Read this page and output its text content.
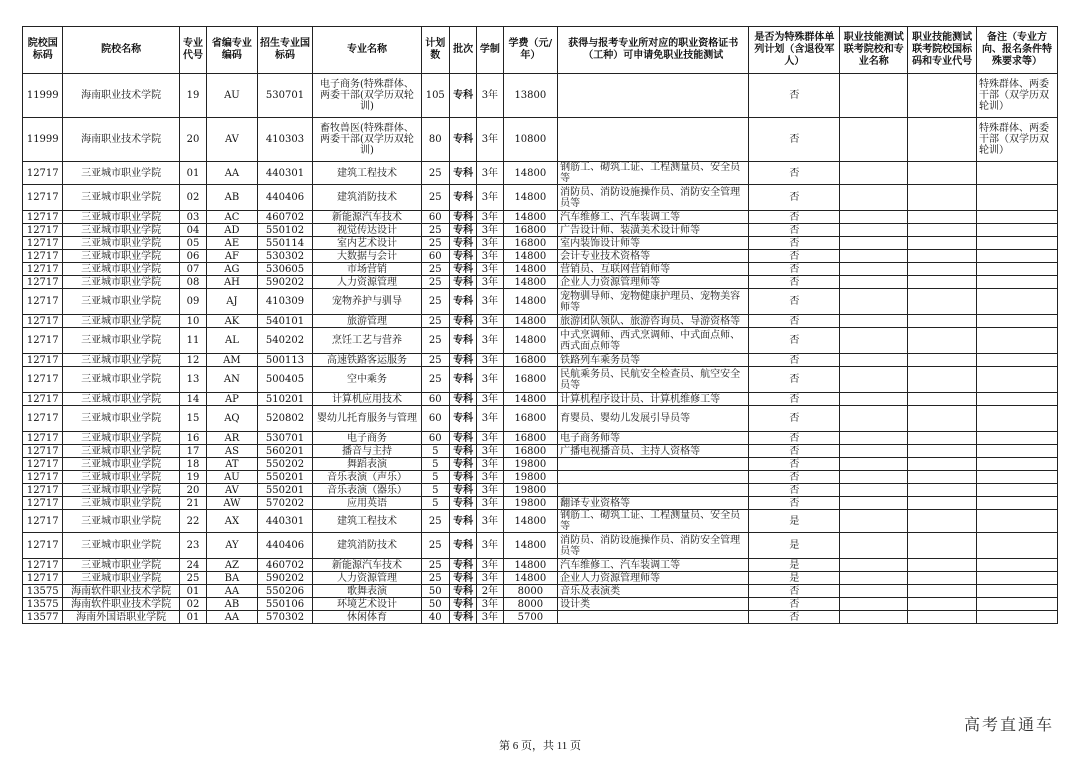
院校国标码	院校名称	专业代号	省编专业编码	招生专业国标码	专业名称	计划数	批次	学制	学费（元/年）	获得与报考专业所对应的职业资格证书（工种）可申请免职业技能测试	是否为特殊群体单列计划（含退役军人）	职业技能测试联考院校和专业名称	职业技能测试联考院校国标码和专业代号	备注（专业方向、报名条件特殊要求等）
11999	海南职业技术学院	19	AU	530701	电子商务(特殊群体、两委干部(双学历双轮训)	105	专科	3年	13800		否			特殊群体、两委干部（双学历双轮训）
11999	海南职业技术学院	20	AV	410303	畜牧兽医(特殊群体、两委干部(双学历双轮训)	80	专科	3年	10800		否			特殊群体、两委干部（双学历双轮训）
12717	三亚城市职业学院	01	AA	440301	建筑工程技术	25	专科	3年	14800	钢筋工、砌筑工证、工程测量员、安全员等	否			
12717	三亚城市职业学院	02	AB	440406	建筑消防技术	25	专科	3年	14800	消防员、消防设施操作员、消防安全管理员等	否			
12717	三亚城市职业学院	03	AC	460702	新能源汽车技术	60	专科	3年	14800	汽车维修工、汽车装调工等	否			
12717	三亚城市职业学院	04	AD	550102	视觉传达设计	25	专科	3年	16800	广告设计师、装潢美术设计师等	否			
12717	三亚城市职业学院	05	AE	550114	室内艺术设计	25	专科	3年	16800	室内装饰设计师等	否			
12717	三亚城市职业学院	06	AF	530302	大数据与会计	60	专科	3年	14800	会计专业技术资格等	否			
12717	三亚城市职业学院	07	AG	530605	市场营销	25	专科	3年	14800	营销员、互联网营销师等	否			
12717	三亚城市职业学院	08	AH	590202	人力资源管理	25	专科	3年	14800	企业人力资源管理师等	否			
12717	三亚城市职业学院	09	AJ	410309	宠物养护与驯导	25	专科	3年	14800	宠物驯导师、宠物健康护理员、宠物美容师等	否			
12717	三亚城市职业学院	10	AK	540101	旅游管理	25	专科	3年	14800	旅游团队领队、旅游咨询员、导游资格等	否			
12717	三亚城市职业学院	11	AL	540202	烹饪工艺与营养	25	专科	3年	14800	中式烹调师、西式烹调师、中式面点师、西式面点师等	否			
12717	三亚城市职业学院	12	AM	500113	高速铁路客运服务	25	专科	3年	16800	铁路列车乘务员等	否			
12717	三亚城市职业学院	13	AN	500405	空中乘务	25	专科	3年	16800	民航乘务员、民航安全检查员、航空安全员等	否			
12717	三亚城市职业学院	14	AP	510201	计算机应用技术	60	专科	3年	14800	计算机程序设计员、计算机维修工等	否			
12717	三亚城市职业学院	15	AQ	520802	婴幼儿托育服务与管理	60	专科	3年	16800	育婴员、婴幼儿发展引导员等	否			
12717	三亚城市职业学院	16	AR	530701	电子商务	60	专科	3年	16800	电子商务师等	否			
12717	三亚城市职业学院	17	AS	560201	播音与主持	5	专科	3年	16800	广播电视播音员、主持人资格等	否			
12717	三亚城市职业学院	18	AT	550202	舞蹈表演	5	专科	3年	19800		否			
12717	三亚城市职业学院	19	AU	550201	音乐表演（声乐）	5	专科	3年	19800		否			
12717	三亚城市职业学院	20	AV	550201	音乐表演（器乐）	5	专科	3年	19800		否			
12717	三亚城市职业学院	21	AW	570202	应用英语	5	专科	3年	19800	翻译专业资格等	否			
12717	三亚城市职业学院	22	AX	440301	建筑工程技术	25	专科	3年	14800	钢筋工、砌筑工证、工程测量员、安全员等	是			
12717	三亚城市职业学院	23	AY	440406	建筑消防技术	25	专科	3年	14800	消防员、消防设施操作员、消防安全管理员等	是			
12717	三亚城市职业学院	24	AZ	460702	新能源汽车技术	25	专科	3年	14800	汽车维修工、汽车装调工等	是			
12717	三亚城市职业学院	25	BA	590202	人力资源管理	25	专科	3年	14800	企业人力资源管理师等	是			
13575	海南软件职业技术学院	01	AA	550206	歌舞表演	50	专科	2年	8000	音乐及表演类	否			
13575	海南软件职业技术学院	02	AB	550106	环境艺术设计	50	专科	3年	8000	设计类	否			
13577	海南外国语职业学院	01	AA	570302	休闲体育	40	专科	3年	5700		否			
第 6 页，共 11 页
高考直通车
